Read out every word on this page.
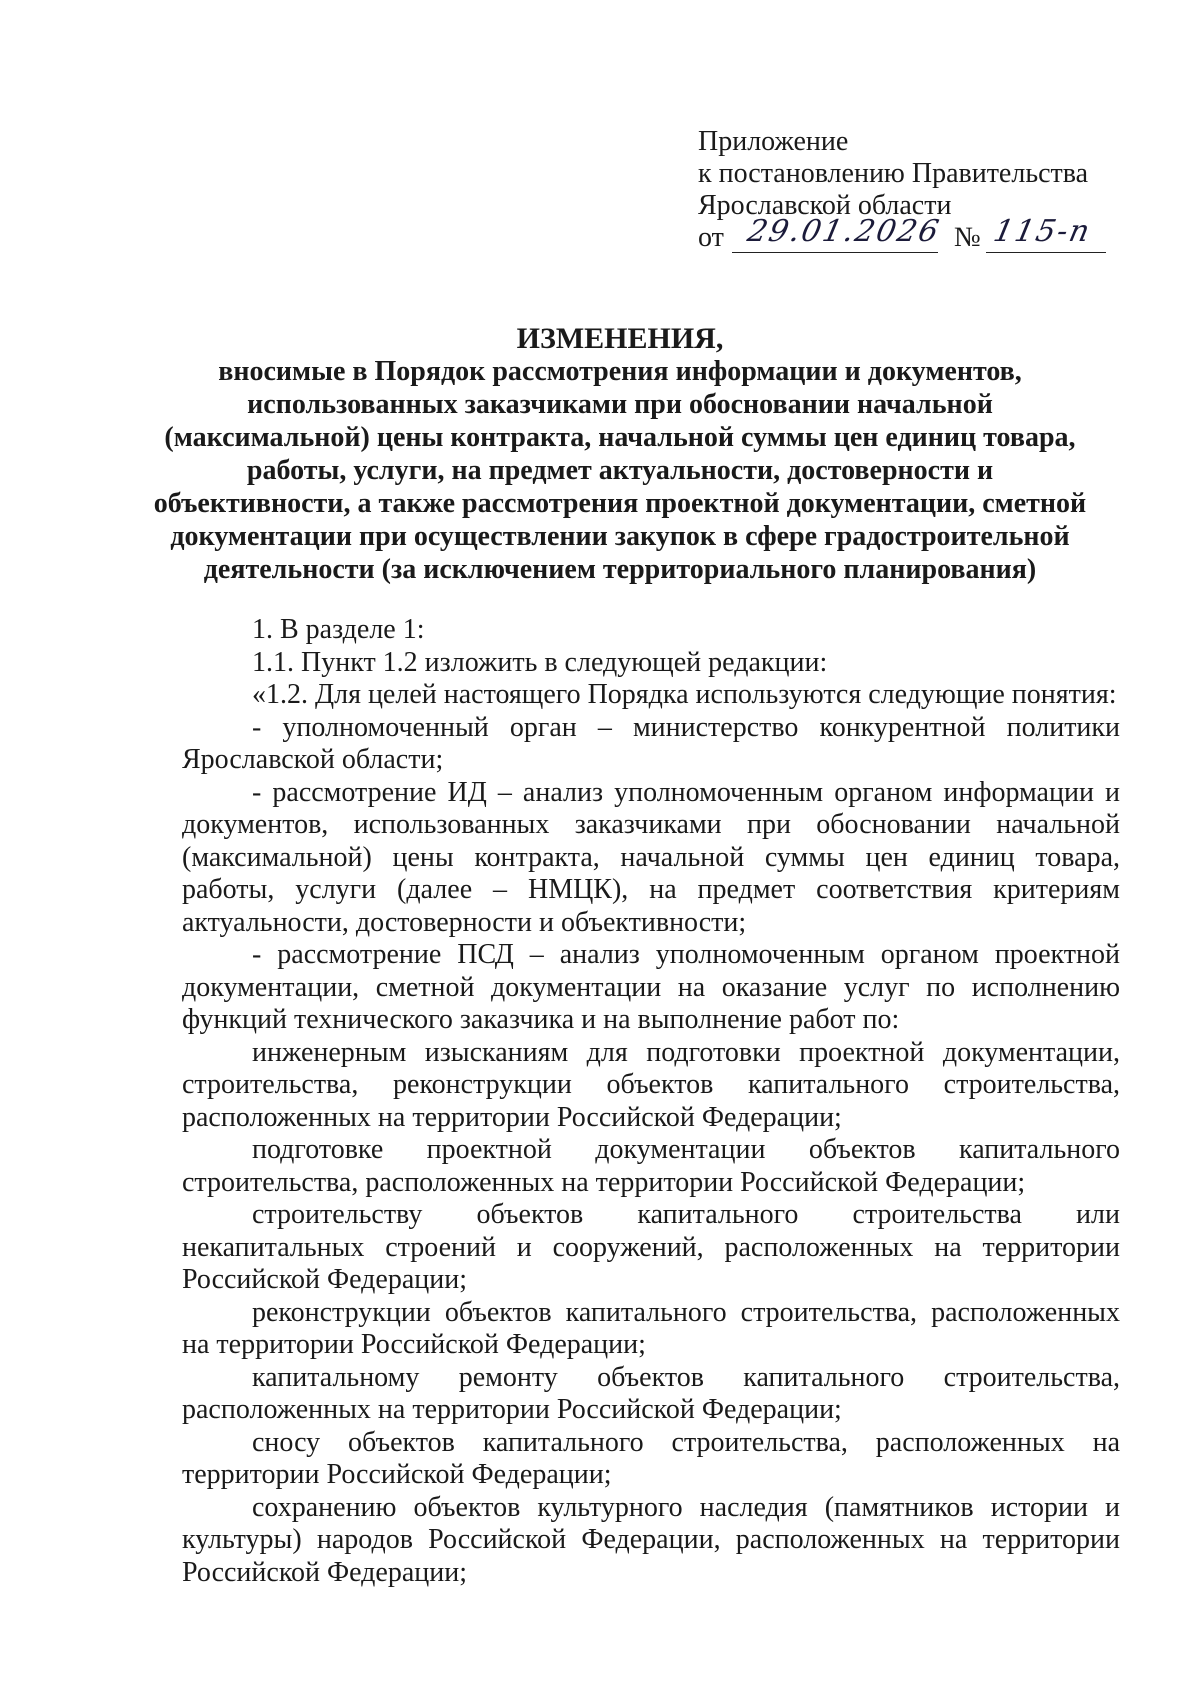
Приложение
к постановлению Правительства
Ярославской области
от 29.01.2026 № 115-п
ИЗМЕНЕНИЯ,
вносимые в Порядок рассмотрения информации и документов,
использованных заказчиками при обосновании начальной
(максимальной) цены контракта, начальной суммы цен единиц товара,
работы, услуги, на предмет актуальности, достоверности и
объективности, а также рассмотрения проектной документации, сметной
документации при осуществлении закупок в сфере градостроительной
деятельности (за исключением территориального планирования)

1. В разделе 1:

1.1. Пункт 1.2 изложить в следующей редакции:

«1.2. Для целей настоящего Порядка используются следующие понятия:

- уполномоченный орган – министерство конкурентной политики Ярославской области;

- рассмотрение ИД – анализ уполномоченным органом информации и документов, использованных заказчиками при обосновании начальной (максимальной) цены контракта, начальной суммы цен единиц товара, работы, услуги (далее – НМЦК), на предмет соответствия критериям актуальности, достоверности и объективности;

- рассмотрение ПСД – анализ уполномоченным органом проектной документации, сметной документации на оказание услуг по исполнению функций технического заказчика и на выполнение работ по:

инженерным изысканиям для подготовки проектной документации, строительства, реконструкции объектов капитального строительства, расположенных на территории Российской Федерации;

подготовке проектной документации объектов капитального строительства, расположенных на территории Российской Федерации;

строительству объектов капитального строительства или некапитальных строений и сооружений, расположенных на территории Российской Федерации;

реконструкции объектов капитального строительства, расположенных на территории Российской Федерации;

капитальному ремонту объектов капитального строительства, расположенных на территории Российской Федерации;

сносу объектов капитального строительства, расположенных на территории Российской Федерации;

сохранению объектов культурного наследия (памятников истории и культуры) народов Российской Федерации, расположенных на территории Российской Федерации;
